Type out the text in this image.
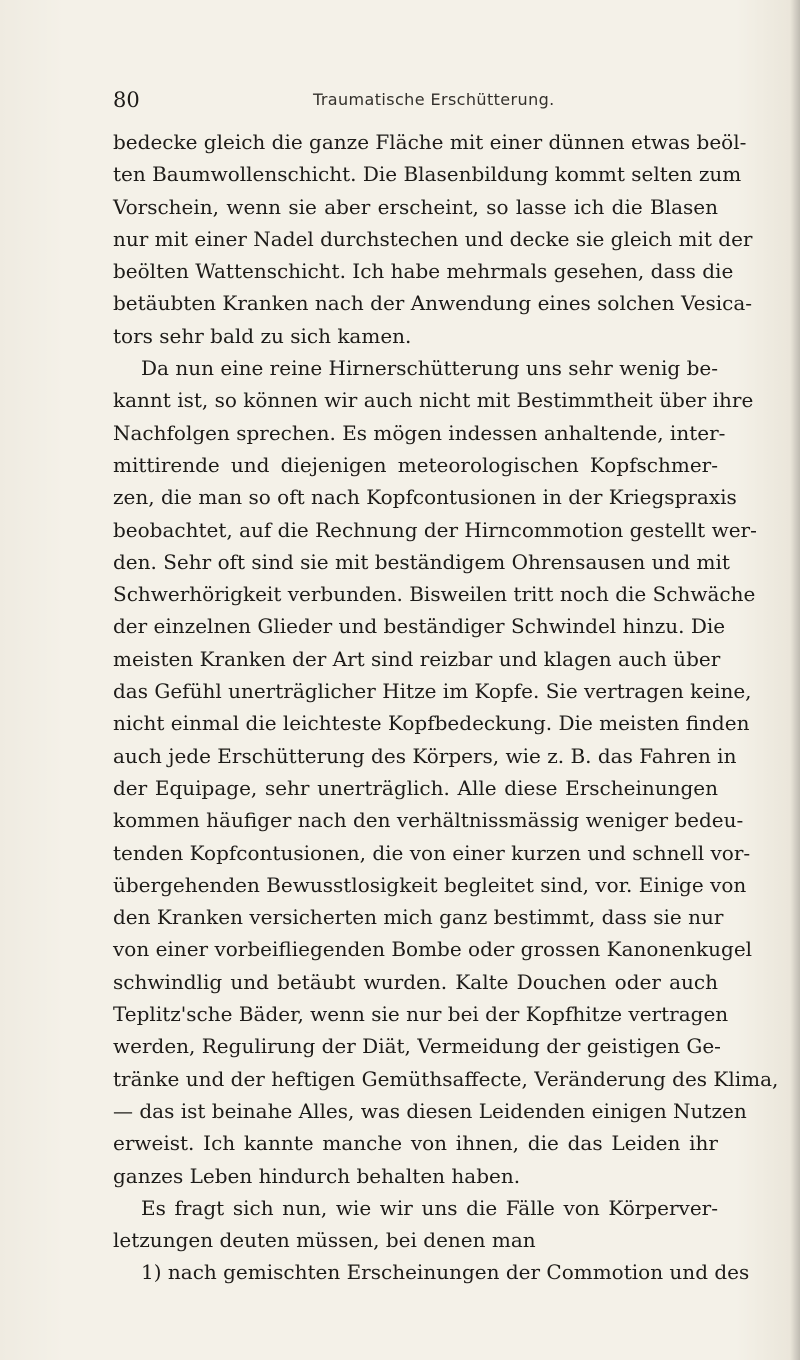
80	Traumatische Erschütterung.
bedecke gleich die ganze Fläche mit einer dünnen etwas beöl-
ten Baumwollenschicht. Die Blasenbildung kommt selten zum
Vorschein, wenn sie aber erscheint, so lasse ich die Blasen
nur mit einer Nadel durchstechen und decke sie gleich mit der
beölten Wattenschicht. Ich habe mehrmals gesehen, dass die
betäubten Kranken nach der Anwendung eines solchen Vesica-
tors sehr bald zu sich kamen.
Da nun eine reine Hirnerschütterung uns sehr wenig be-
kannt ist, so können wir auch nicht mit Bestimmtheit über ihre
Nachfolgen sprechen. Es mögen indessen anhaltende, inter-
mittirende und diejenigen meteorologischen Kopfschmer-
zen, die man so oft nach Kopfcontusionen in der Kriegspraxis
beobachtet, auf die Rechnung der Hirncommotion gestellt wer-
den. Sehr oft sind sie mit beständigem Ohrensausen und mit
Schwerhörigkeit verbunden. Bisweilen tritt noch die Schwäche
der einzelnen Glieder und beständiger Schwindel hinzu. Die
meisten Kranken der Art sind reizbar und klagen auch über
das Gefühl unerträglicher Hitze im Kopfe. Sie vertragen keine,
nicht einmal die leichteste Kopfbedeckung. Die meisten finden
auch jede Erschütterung des Körpers, wie z. B. das Fahren in
der Equipage, sehr unerträglich. Alle diese Erscheinungen
kommen häufiger nach den verhältnissmässig weniger bedeu-
tenden Kopfcontusionen, die von einer kurzen und schnell vor-
übergehenden Bewusstlosigkeit begleitet sind, vor. Einige von
den Kranken versicherten mich ganz bestimmt, dass sie nur
von einer vorbeifliegenden Bombe oder grossen Kanonenkugel
schwindlig und betäubt wurden. Kalte Douchen oder auch
Teplitz'sche Bäder, wenn sie nur bei der Kopfhitze vertragen
werden, Regulirung der Diät, Vermeidung der geistigen Ge-
tränke und der heftigen Gemüthsaffecte, Veränderung des Klima,
— das ist beinahe Alles, was diesen Leidenden einigen Nutzen
erweist. Ich kannte manche von ihnen, die das Leiden ihr
ganzes Leben hindurch behalten haben.
Es fragt sich nun, wie wir uns die Fälle von Körperver-
letzungen deuten müssen, bei denen man
1) nach gemischten Erscheinungen der Commotion und des
